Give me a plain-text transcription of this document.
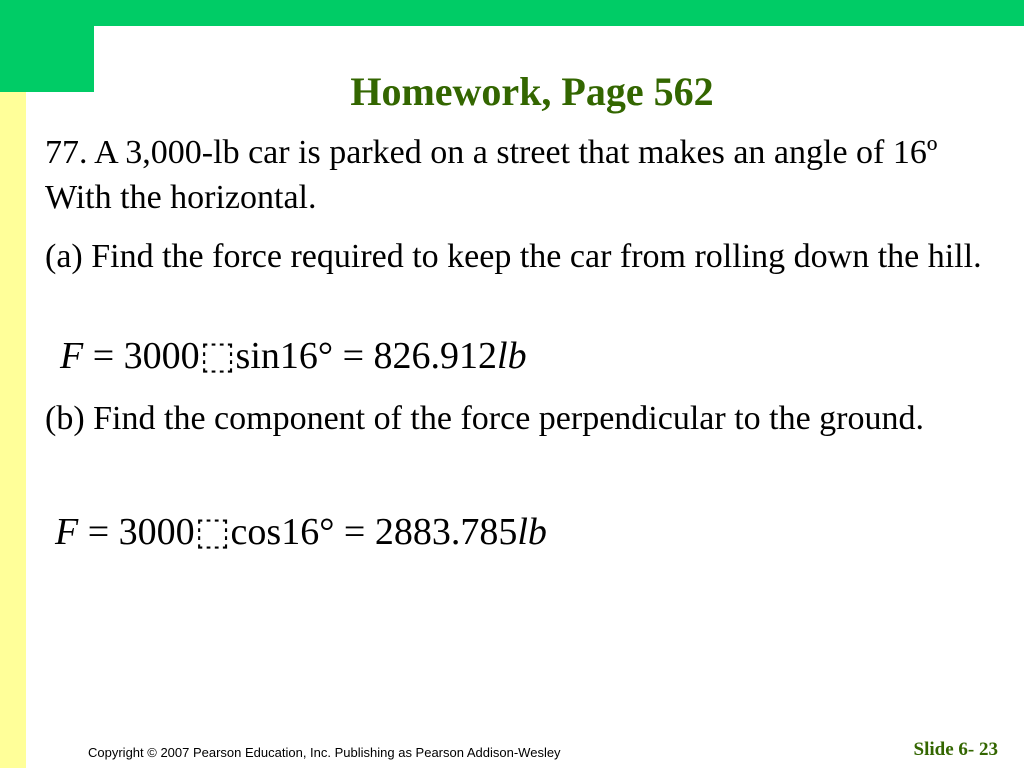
Homework, Page 562

77. A 3,000-lb car is parked on a street that makes an angle of 16º With the horizontal.

(a) Find the force required to keep the car from rolling down the hill.

F = 3000⬚sin16° = 826.912lb

(b) Find the component of the force perpendicular to the ground.

F = 3000⬚cos16° = 2883.785lb

Copyright © 2007 Pearson Education, Inc. Publishing as Pearson Addison-Wesley	Slide 6- 23
